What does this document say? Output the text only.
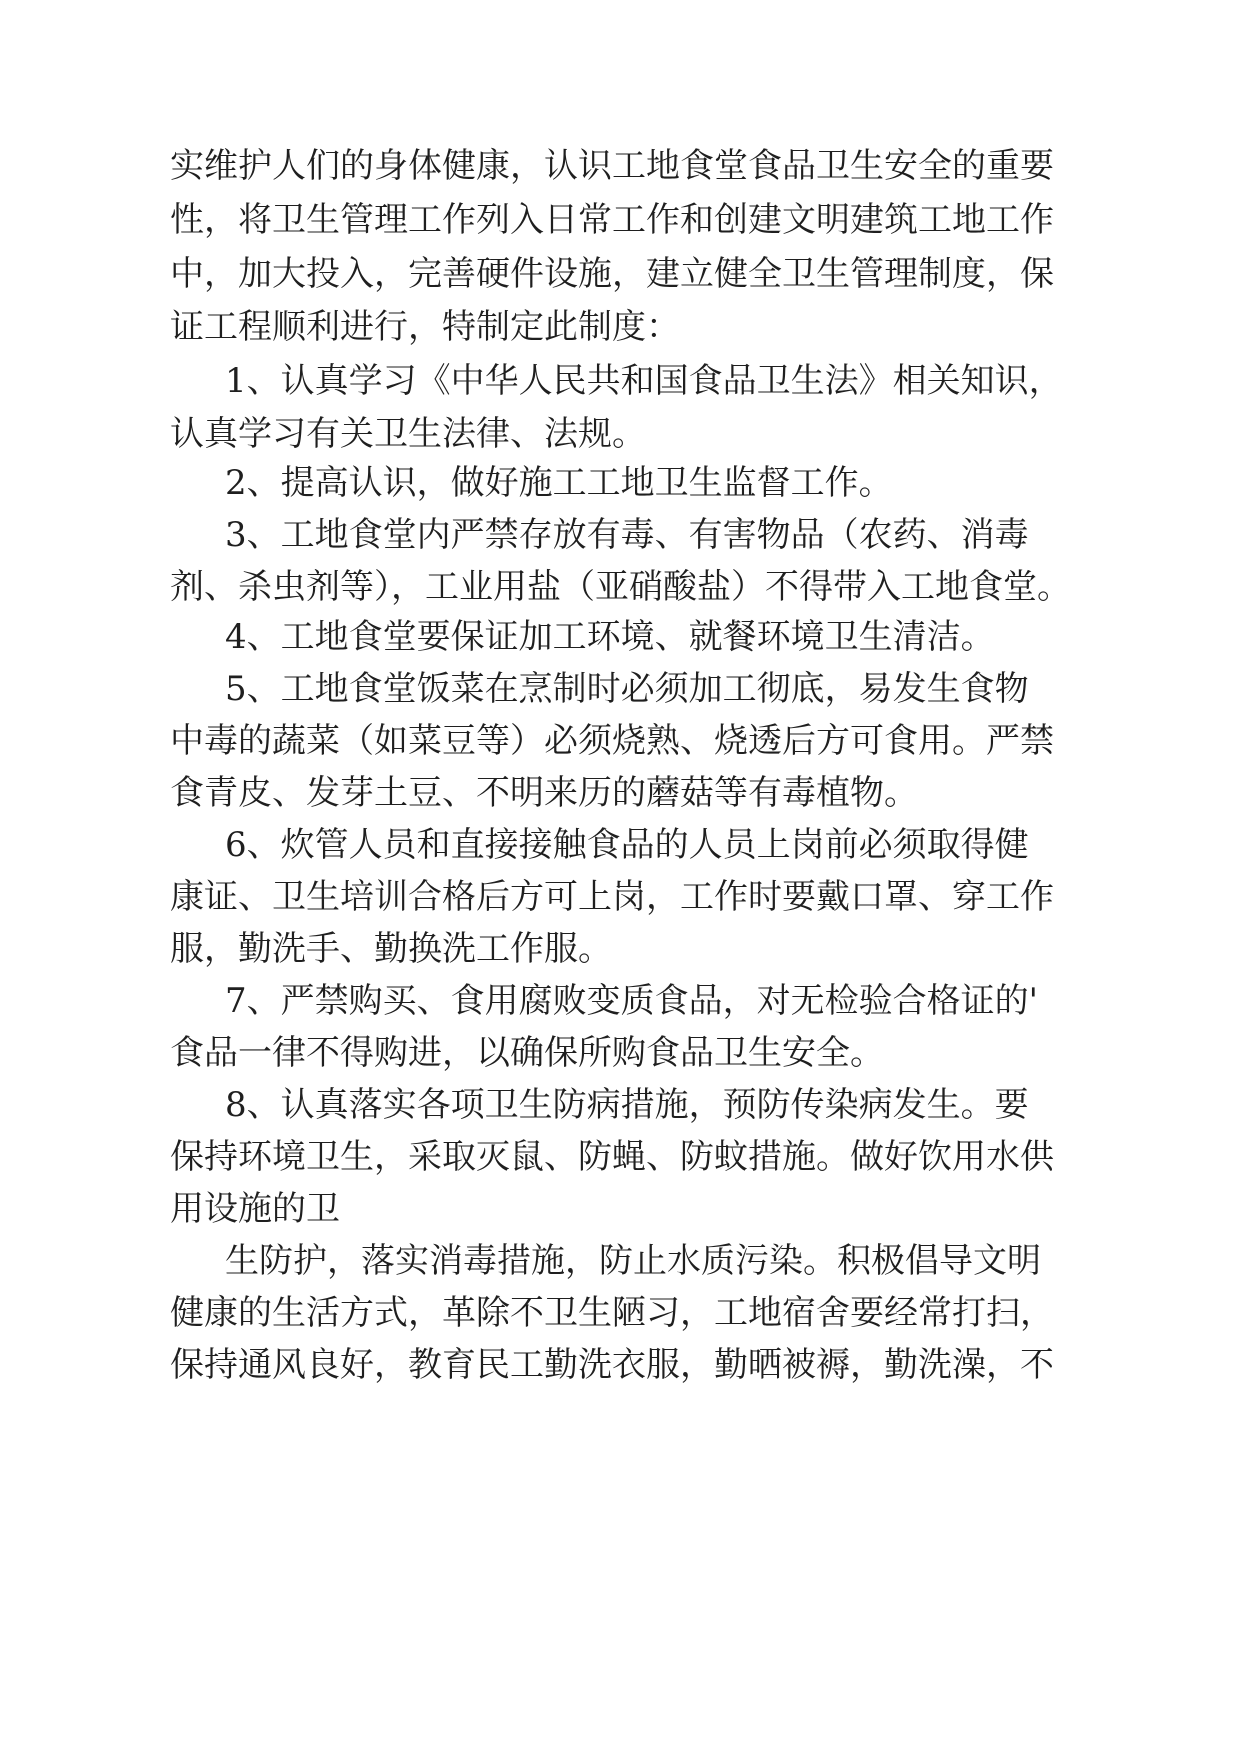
实维护人们的身体健康，认识工地食堂食品卫生安全的重要
性，将卫生管理工作列入日常工作和创建文明建筑工地工作
中，加大投入，完善硬件设施，建立健全卫生管理制度，保
证工程顺利进行，特制定此制度：
1、认真学习《中华人民共和国食品卫生法》相关知识，
认真学习有关卫生法律、法规。
2、提高认识，做好施工工地卫生监督工作。
3、工地食堂内严禁存放有毒、有害物品（农药、消毒
剂、杀虫剂等），工业用盐（亚硝酸盐）不得带入工地食堂。
4、工地食堂要保证加工环境、就餐环境卫生清洁。
5、工地食堂饭菜在烹制时必须加工彻底，易发生食物
中毒的蔬菜（如菜豆等）必须烧熟、烧透后方可食用。严禁
食青皮、发芽土豆、不明来历的蘑菇等有毒植物。
6、炊管人员和直接接触食品的人员上岗前必须取得健
康证、卫生培训合格后方可上岗，工作时要戴口罩、穿工作
服，勤洗手、勤换洗工作服。
7、严禁购买、食用腐败变质食品，对无检验合格证的'
食品一律不得购进，以确保所购食品卫生安全。
8、认真落实各项卫生防病措施，预防传染病发生。要
保持环境卫生，采取灭鼠、防蝇、防蚊措施。做好饮用水供
用设施的卫
生防护，落实消毒措施，防止水质污染。积极倡导文明
健康的生活方式，革除不卫生陋习，工地宿舍要经常打扫，
保持通风良好，教育民工勤洗衣服，勤晒被褥，勤洗澡，不
